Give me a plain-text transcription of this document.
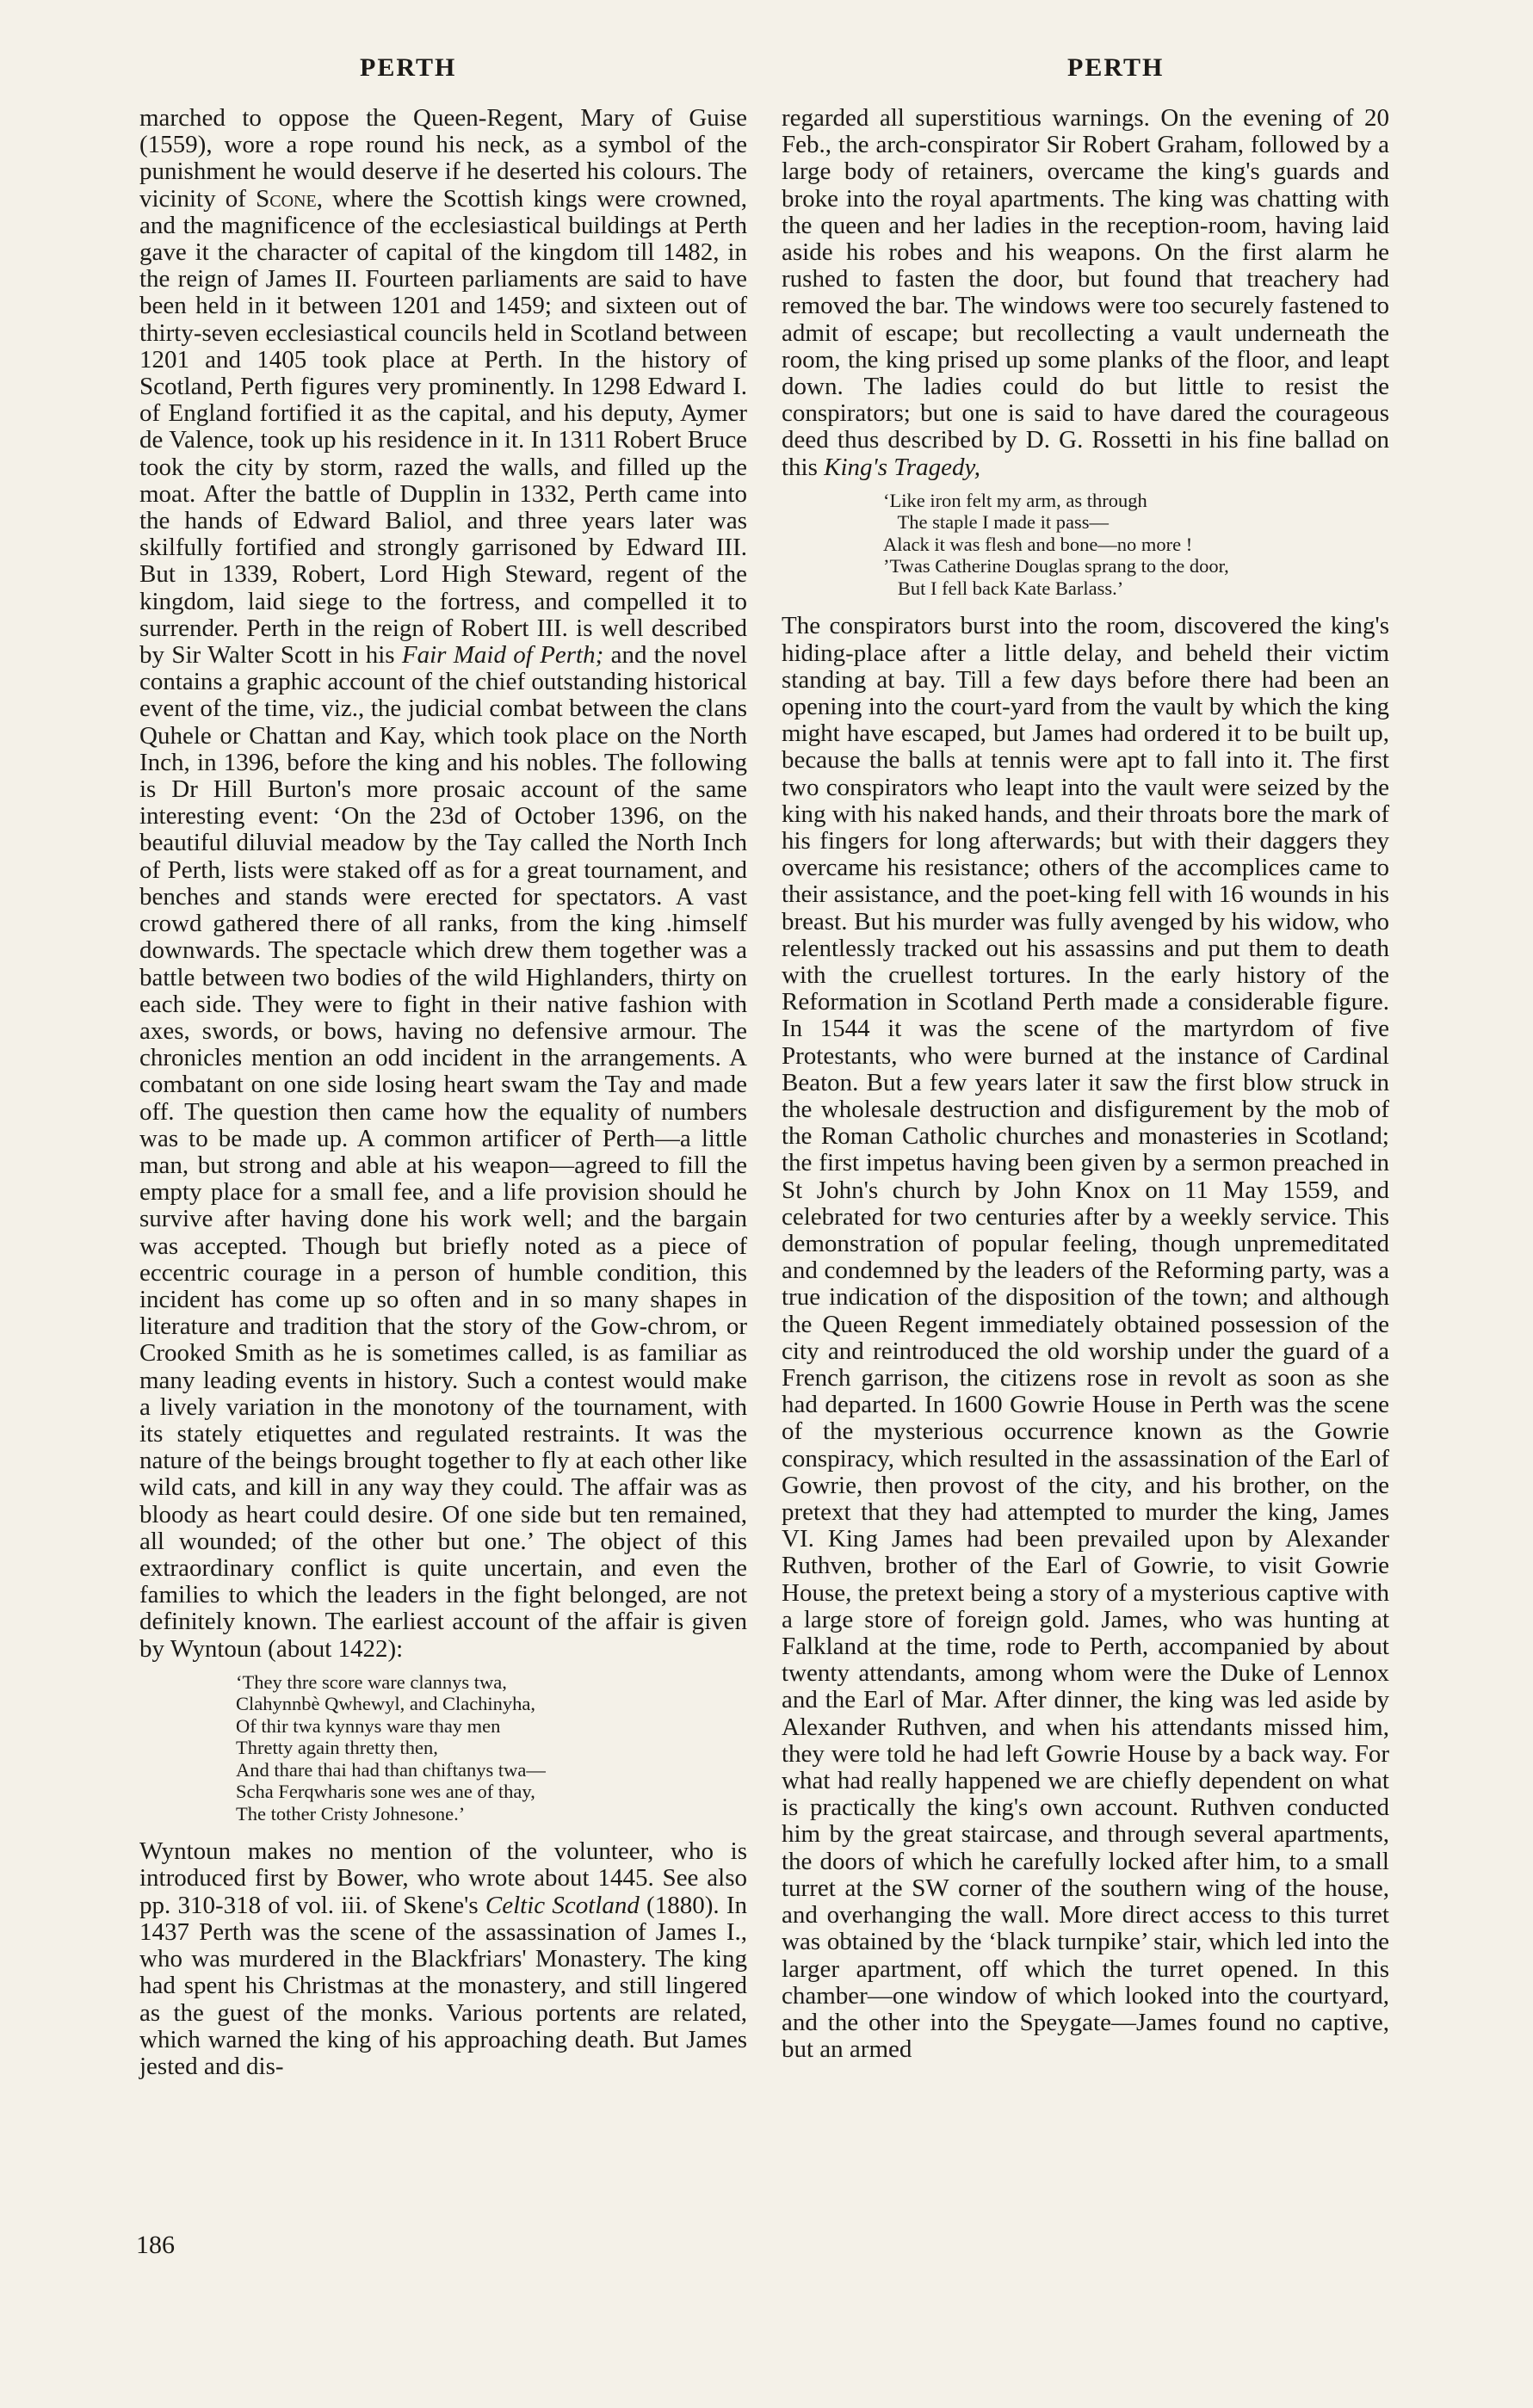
PERTH	PERTH

marched to oppose the Queen-Regent, Mary of Guise (1559), wore a rope round his neck, as a symbol of the punishment he would deserve if he deserted his colours. The vicinity of Scone, where the Scottish kings were crowned, and the magnificence of the ecclesiastical buildings at Perth gave it the character of capital of the kingdom till 1482, in the reign of James II. Fourteen parliaments are said to have been held in it between 1201 and 1459; and sixteen out of thirty-seven ecclesiastical councils held in Scotland between 1201 and 1405 took place at Perth. In the history of Scotland, Perth figures very prominently. In 1298 Edward I. of England fortified it as the capital, and his deputy, Aymer de Valence, took up his residence in it. In 1311 Robert Bruce took the city by storm, razed the walls, and filled up the moat. After the battle of Dupplin in 1332, Perth came into the hands of Edward Baliol, and three years later was skilfully fortified and strongly garrisoned by Edward III. But in 1339, Robert, Lord High Steward, regent of the kingdom, laid siege to the fortress, and compelled it to surrender. Perth in the reign of Robert III. is well described by Sir Walter Scott in his Fair Maid of Perth; and the novel contains a graphic account of the chief outstanding historical event of the time, viz., the judicial combat between the clans Quhele or Chattan and Kay, which took place on the North Inch, in 1396, before the king and his nobles. The following is Dr Hill Burton's more prosaic account of the same interesting event: ‘On the 23d of October 1396, on the beautiful diluvial meadow by the Tay called the North Inch of Perth, lists were staked off as for a great tournament, and benches and stands were erected for spectators. A vast crowd gathered there of all ranks, from the king .himself downwards. The spectacle which drew them together was a battle between two bodies of the wild Highlanders, thirty on each side. They were to fight in their native fashion with axes, swords, or bows, having no defensive armour. The chronicles mention an odd incident in the arrangements. A combatant on one side losing heart swam the Tay and made off. The question then came how the equality of numbers was to be made up. A common artificer of Perth—a little man, but strong and able at his weapon—agreed to fill the empty place for a small fee, and a life provision should he survive after having done his work well; and the bargain was accepted. Though but briefly noted as a piece of eccentric courage in a person of humble condition, this incident has come up so often and in so many shapes in literature and tradition that the story of the Gow-chrom, or Crooked Smith as he is sometimes called, is as familiar as many leading events in history. Such a contest would make a lively variation in the monotony of the tournament, with its stately etiquettes and regulated restraints. It was the nature of the beings brought together to fly at each other like wild cats, and kill in any way they could. The affair was as bloody as heart could desire. Of one side but ten remained, all wounded; of the other but one.’ The object of this extraordinary conflict is quite uncertain, and even the families to which the leaders in the fight belonged, are not definitely known. The earliest account of the affair is given by Wyntoun (about 1422):

‘They thre score ware clannys twa,
Clahynnbè Qwhewyl, and Clachinyha,
Of thir twa kynnys ware thay men
Thretty again thretty then,
And thare thai had than chiftanys twa—
Scha Ferqwharis sone wes ane of thay,
The tother Cristy Johnesone.’

Wyntoun makes no mention of the volunteer, who is introduced first by Bower, who wrote about 1445. See also pp. 310-318 of vol. iii. of Skene's Celtic Scotland (1880). In 1437 Perth was the scene of the assassination of James I., who was murdered in the Blackfriars' Monastery. The king had spent his Christmas at the monastery, and still lingered as the guest of the monks. Various portents are related, which warned the king of his approaching death. But James jested and dis-

regarded all superstitious warnings. On the evening of 20 Feb., the arch-conspirator Sir Robert Graham, followed by a large body of retainers, overcame the king's guards and broke into the royal apartments. The king was chatting with the queen and her ladies in the reception-room, having laid aside his robes and his weapons. On the first alarm he rushed to fasten the door, but found that treachery had removed the bar. The windows were too securely fastened to admit of escape; but recollecting a vault underneath the room, the king prised up some planks of the floor, and leapt down. The ladies could do but little to resist the conspirators; but one is said to have dared the courageous deed thus described by D. G. Rossetti in his fine ballad on this King's Tragedy,

‘Like iron felt my arm, as through
The staple I made it pass—
Alack it was flesh and bone—no more !
’Twas Catherine Douglas sprang to the door,
But I fell back Kate Barlass.’

The conspirators burst into the room, discovered the king's hiding-place after a little delay, and beheld their victim standing at bay. Till a few days before there had been an opening into the court-yard from the vault by which the king might have escaped, but James had ordered it to be built up, because the balls at tennis were apt to fall into it. The first two conspirators who leapt into the vault were seized by the king with his naked hands, and their throats bore the mark of his fingers for long afterwards; but with their daggers they overcame his resistance; others of the accomplices came to their assistance, and the poet-king fell with 16 wounds in his breast. But his murder was fully avenged by his widow, who relentlessly tracked out his assassins and put them to death with the cruellest tortures. In the early history of the Reformation in Scotland Perth made a considerable figure. In 1544 it was the scene of the martyrdom of five Protestants, who were burned at the instance of Cardinal Beaton. But a few years later it saw the first blow struck in the wholesale destruction and disfigurement by the mob of the Roman Catholic churches and monasteries in Scotland; the first impetus having been given by a sermon preached in St John's church by John Knox on 11 May 1559, and celebrated for two centuries after by a weekly service. This demonstration of popular feeling, though unpremeditated and condemned by the leaders of the Reforming party, was a true indication of the disposition of the town; and although the Queen Regent immediately obtained possession of the city and reintroduced the old worship under the guard of a French garrison, the citizens rose in revolt as soon as she had departed. In 1600 Gowrie House in Perth was the scene of the mysterious occurrence known as the Gowrie conspiracy, which resulted in the assassination of the Earl of Gowrie, then provost of the city, and his brother, on the pretext that they had attempted to murder the king, James VI. King James had been prevailed upon by Alexander Ruthven, brother of the Earl of Gowrie, to visit Gowrie House, the pretext being a story of a mysterious captive with a large store of foreign gold. James, who was hunting at Falkland at the time, rode to Perth, accompanied by about twenty attendants, among whom were the Duke of Lennox and the Earl of Mar. After dinner, the king was led aside by Alexander Ruthven, and when his attendants missed him, they were told he had left Gowrie House by a back way. For what had really happened we are chiefly dependent on what is practically the king's own account. Ruthven conducted him by the great staircase, and through several apartments, the doors of which he carefully locked after him, to a small turret at the SW corner of the southern wing of the house, and overhanging the wall. More direct access to this turret was obtained by the ‘black turnpike’ stair, which led into the larger apartment, off which the turret opened. In this chamber—one window of which looked into the courtyard, and the other into the Speygate—James found no captive, but an armed

186
